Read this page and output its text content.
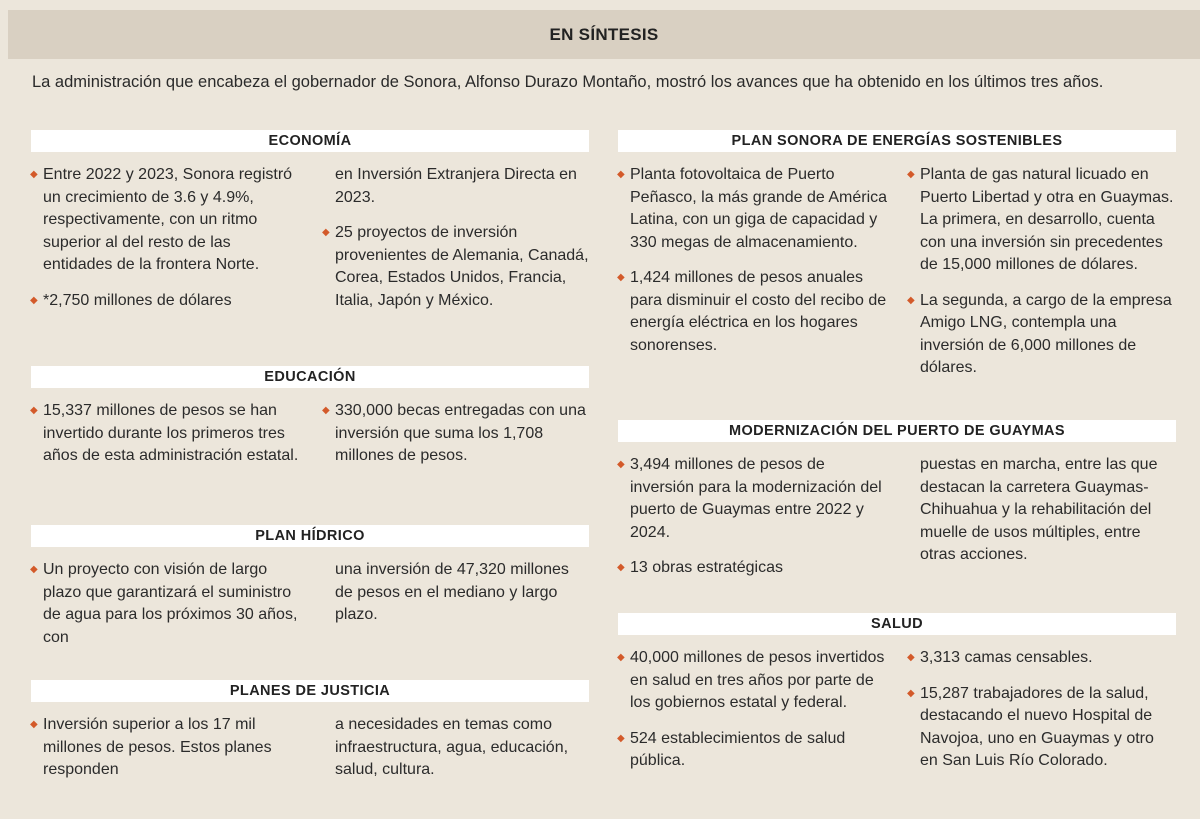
EN SÍNTESIS
La administración que encabeza el gobernador de Sonora, Alfonso Durazo Montaño, mostró los avances que ha obtenido en los últimos tres años.
ECONOMÍA

◆ Entre 2022 y 2023, Sonora registró un crecimiento de 3.6 y 4.9%, respectivamente, con un ritmo superior al del resto de las entidades de la frontera Norte.

◆ *2,750 millones de dólares

en Inversión Extranjera Directa en 2023.

◆ 25 proyectos de inversión provenientes de Alemania, Canadá, Corea, Estados Unidos, Francia, Italia, Japón y México.

EDUCACIÓN

◆ 15,337 millones de pesos se han invertido durante los primeros tres años de esta administración estatal.

◆ 330,000 becas entregadas con una inversión que suma los 1,708 millones de pesos.

PLAN HÍDRICO

◆ Un proyecto con visión de largo plazo que garantizará el suministro de agua para los próximos 30 años, con

una inversión de 47,320 millones de pesos en el mediano y largo plazo.

PLANES DE JUSTICIA

◆ Inversión superior a los 17 mil millones de pesos. Estos planes responden

a necesidades en temas como infraestructura, agua, educación, salud, cultura.

PLAN SONORA DE ENERGÍAS SOSTENIBLES

◆ Planta fotovoltaica de Puerto Peñasco, la más grande de América Latina, con un giga de capacidad y 330 megas de almacenamiento.

◆ 1,424 millones de pesos anuales para disminuir el costo del recibo de energía eléctrica en los hogares sonorenses.

◆ Planta de gas natural licuado en Puerto Libertad y otra en Guaymas. La primera, en desarrollo, cuenta con una inversión sin precedentes de 15,000 millones de dólares.

◆ La segunda, a cargo de la empresa Amigo LNG, contempla una inversión de 6,000 millones de dólares.

MODERNIZACIÓN DEL PUERTO DE GUAYMAS

◆ 3,494 millones de pesos de inversión para la modernización del puerto de Guaymas entre 2022 y 2024.

◆ 13 obras estratégicas

puestas en marcha, entre las que destacan la carretera Guaymas-Chihuahua y la rehabilitación del muelle de usos múltiples, entre otras acciones.

SALUD

◆ 40,000 millones de pesos invertidos en salud en tres años por parte de los gobiernos estatal y federal.

◆ 524 establecimientos de salud pública.

◆ 3,313 camas censables.

◆ 15,287 trabajadores de la salud, destacando el nuevo Hospital de Navojoa, uno en Guaymas y otro en San Luis Río Colorado.
